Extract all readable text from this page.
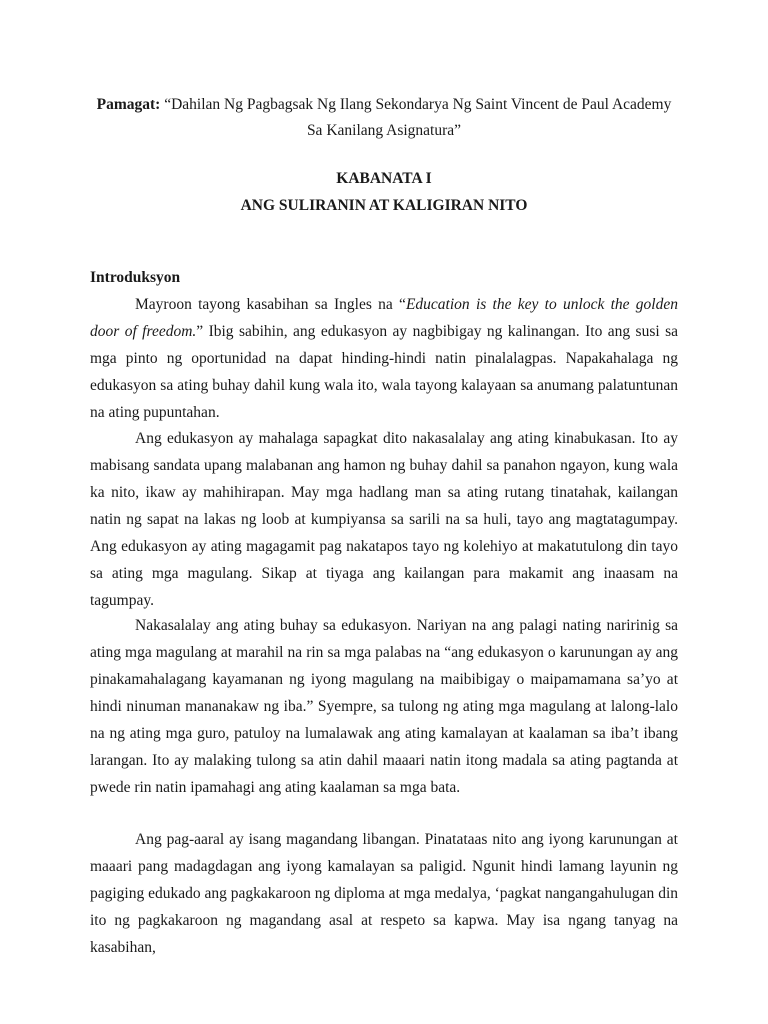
Pamagat: “Dahilan Ng Pagbagsak Ng Ilang Sekondarya Ng Saint Vincent de Paul Academy Sa Kanilang Asignatura”
KABANATA I
ANG SULIRANIN AT KALIGIRAN NITO
Introduksyon

Mayroon tayong kasabihan sa Ingles na “Education is the key to unlock the golden door of freedom.” Ibig sabihin, ang edukasyon ay nagbibigay ng kalinangan. Ito ang susi sa mga pinto ng oportunidad na dapat hinding-hindi natin pinalalagpas. Napakahalaga ng edukasyon sa ating buhay dahil kung wala ito, wala tayong kalayaan sa anumang palatuntunan na ating pupuntahan.

Ang edukasyon ay mahalaga sapagkat dito nakasalalay ang ating kinabukasan. Ito ay mabisang sandata upang malabanan ang hamon ng buhay dahil sa panahon ngayon, kung wala ka nito, ikaw ay mahihirapan. May mga hadlang man sa ating rutang tinatahak, kailangan natin ng sapat na lakas ng loob at kumpiyansa sa sarili na sa huli, tayo ang magtatagumpay. Ang edukasyon ay ating magagamit pag nakatapos tayo ng kolehiyo at makatutulong din tayo sa ating mga magulang. Sikap at tiyaga ang kailangan para makamit ang inaasam na tagumpay.

Nakasalalay ang ating buhay sa edukasyon. Nariyan na ang palagi nating naririnig sa ating mga magulang at marahil na rin sa mga palabas na “ang edukasyon o karunungan ay ang pinakamahalagang kayamanan ng iyong magulang na maibibigay o maipamamana sa’yo at hindi ninuman mananakaw ng iba.” Syempre, sa tulong ng ating mga magulang at lalong-lalo na ng ating mga guro, patuloy na lumalawak ang ating kamalayan at kaalaman sa iba’t ibang larangan. Ito ay malaking tulong sa atin dahil maaari natin itong madala sa ating pagtanda at pwede rin natin ipamahagi ang ating kaalaman sa mga bata.

Ang pag-aaral ay isang magandang libangan. Pinatataas nito ang iyong karunungan at maaari pang madagdagan ang iyong kamalayan sa paligid. Ngunit hindi lamang layunin ng pagiging edukado ang pagkakaroon ng diploma at mga medalya, ‘pagkat nangangahulugan din ito ng pagkakaroon ng magandang asal at respeto sa kapwa. May isa ngang tanyag na kasabihan,
